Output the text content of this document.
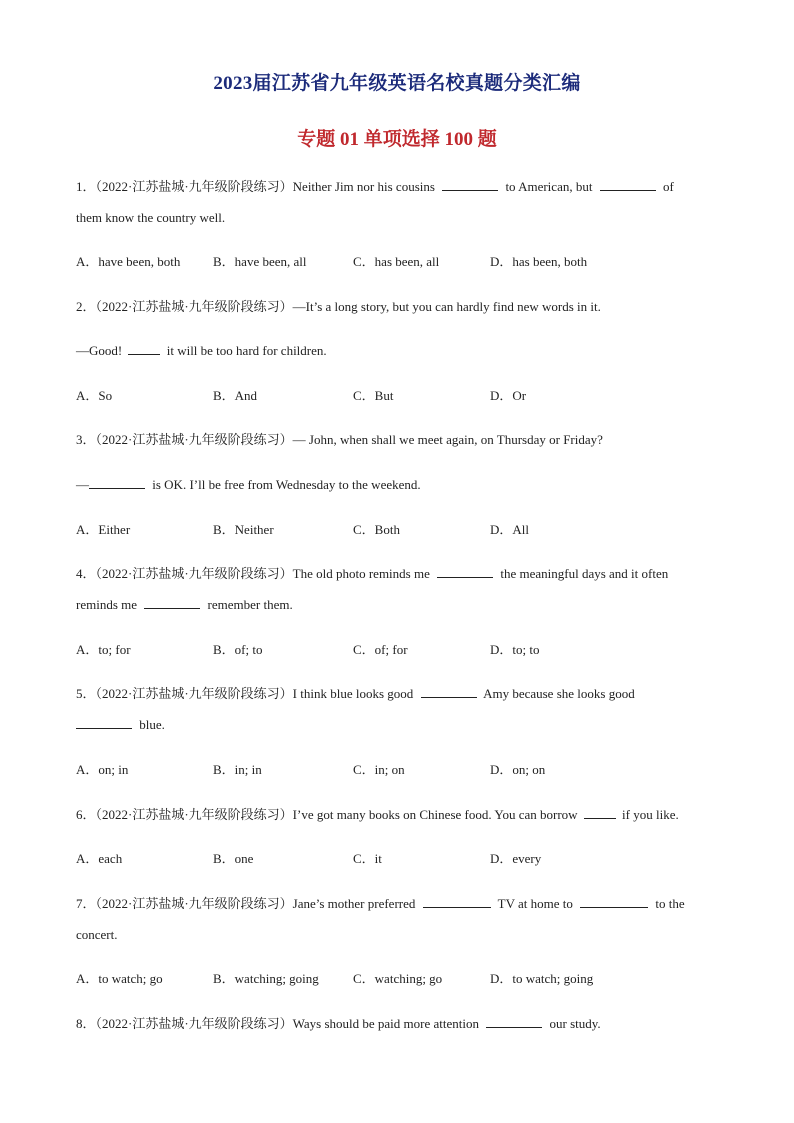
2023届江苏省九年级英语名校真题分类汇编
专题 01 单项选择 100 题
1．（2022·江苏盐城·九年级阶段练习）Neither Jim nor his cousins	to American, but	of
them know the country well.
A．have been, both	B．have been, all	C．has been, all	D．has been, both
2．（2022·江苏盐城·九年级阶段练习）—It’s a long story, but you can hardly find new words in it.
—Good!	it will be too hard for children.
A．So	B．And	C．But	D．Or
3．（2022·江苏盐城·九年级阶段练习）— John, when shall we meet again, on Thursday or Friday?
—	is OK. I’ll be free from Wednesday to the weekend.
A．Either	B．Neither	C．Both	D．All
4．（2022·江苏盐城·九年级阶段练习）The old photo reminds me	the meaningful days and it often
reminds me	remember them.
A．to; for	B．of; to	C．of; for	D．to; to
5．（2022·江苏盐城·九年级阶段练习）I think blue looks good	Amy because she looks good
blue.
A．on; in	B．in; in	C．in; on	D．on; on
6．（2022·江苏盐城·九年级阶段练习）I’ve got many books on Chinese food. You can borrow	if you like.
A．each	B．one	C．it	D．every
7．（2022·江苏盐城·九年级阶段练习）Jane’s mother preferred	TV at home to	to the
concert.
A．to watch; go	B．watching; going	C．watching; go	D．to watch; going
8．（2022·江苏盐城·九年级阶段练习）Ways should be paid more attention	our study.
